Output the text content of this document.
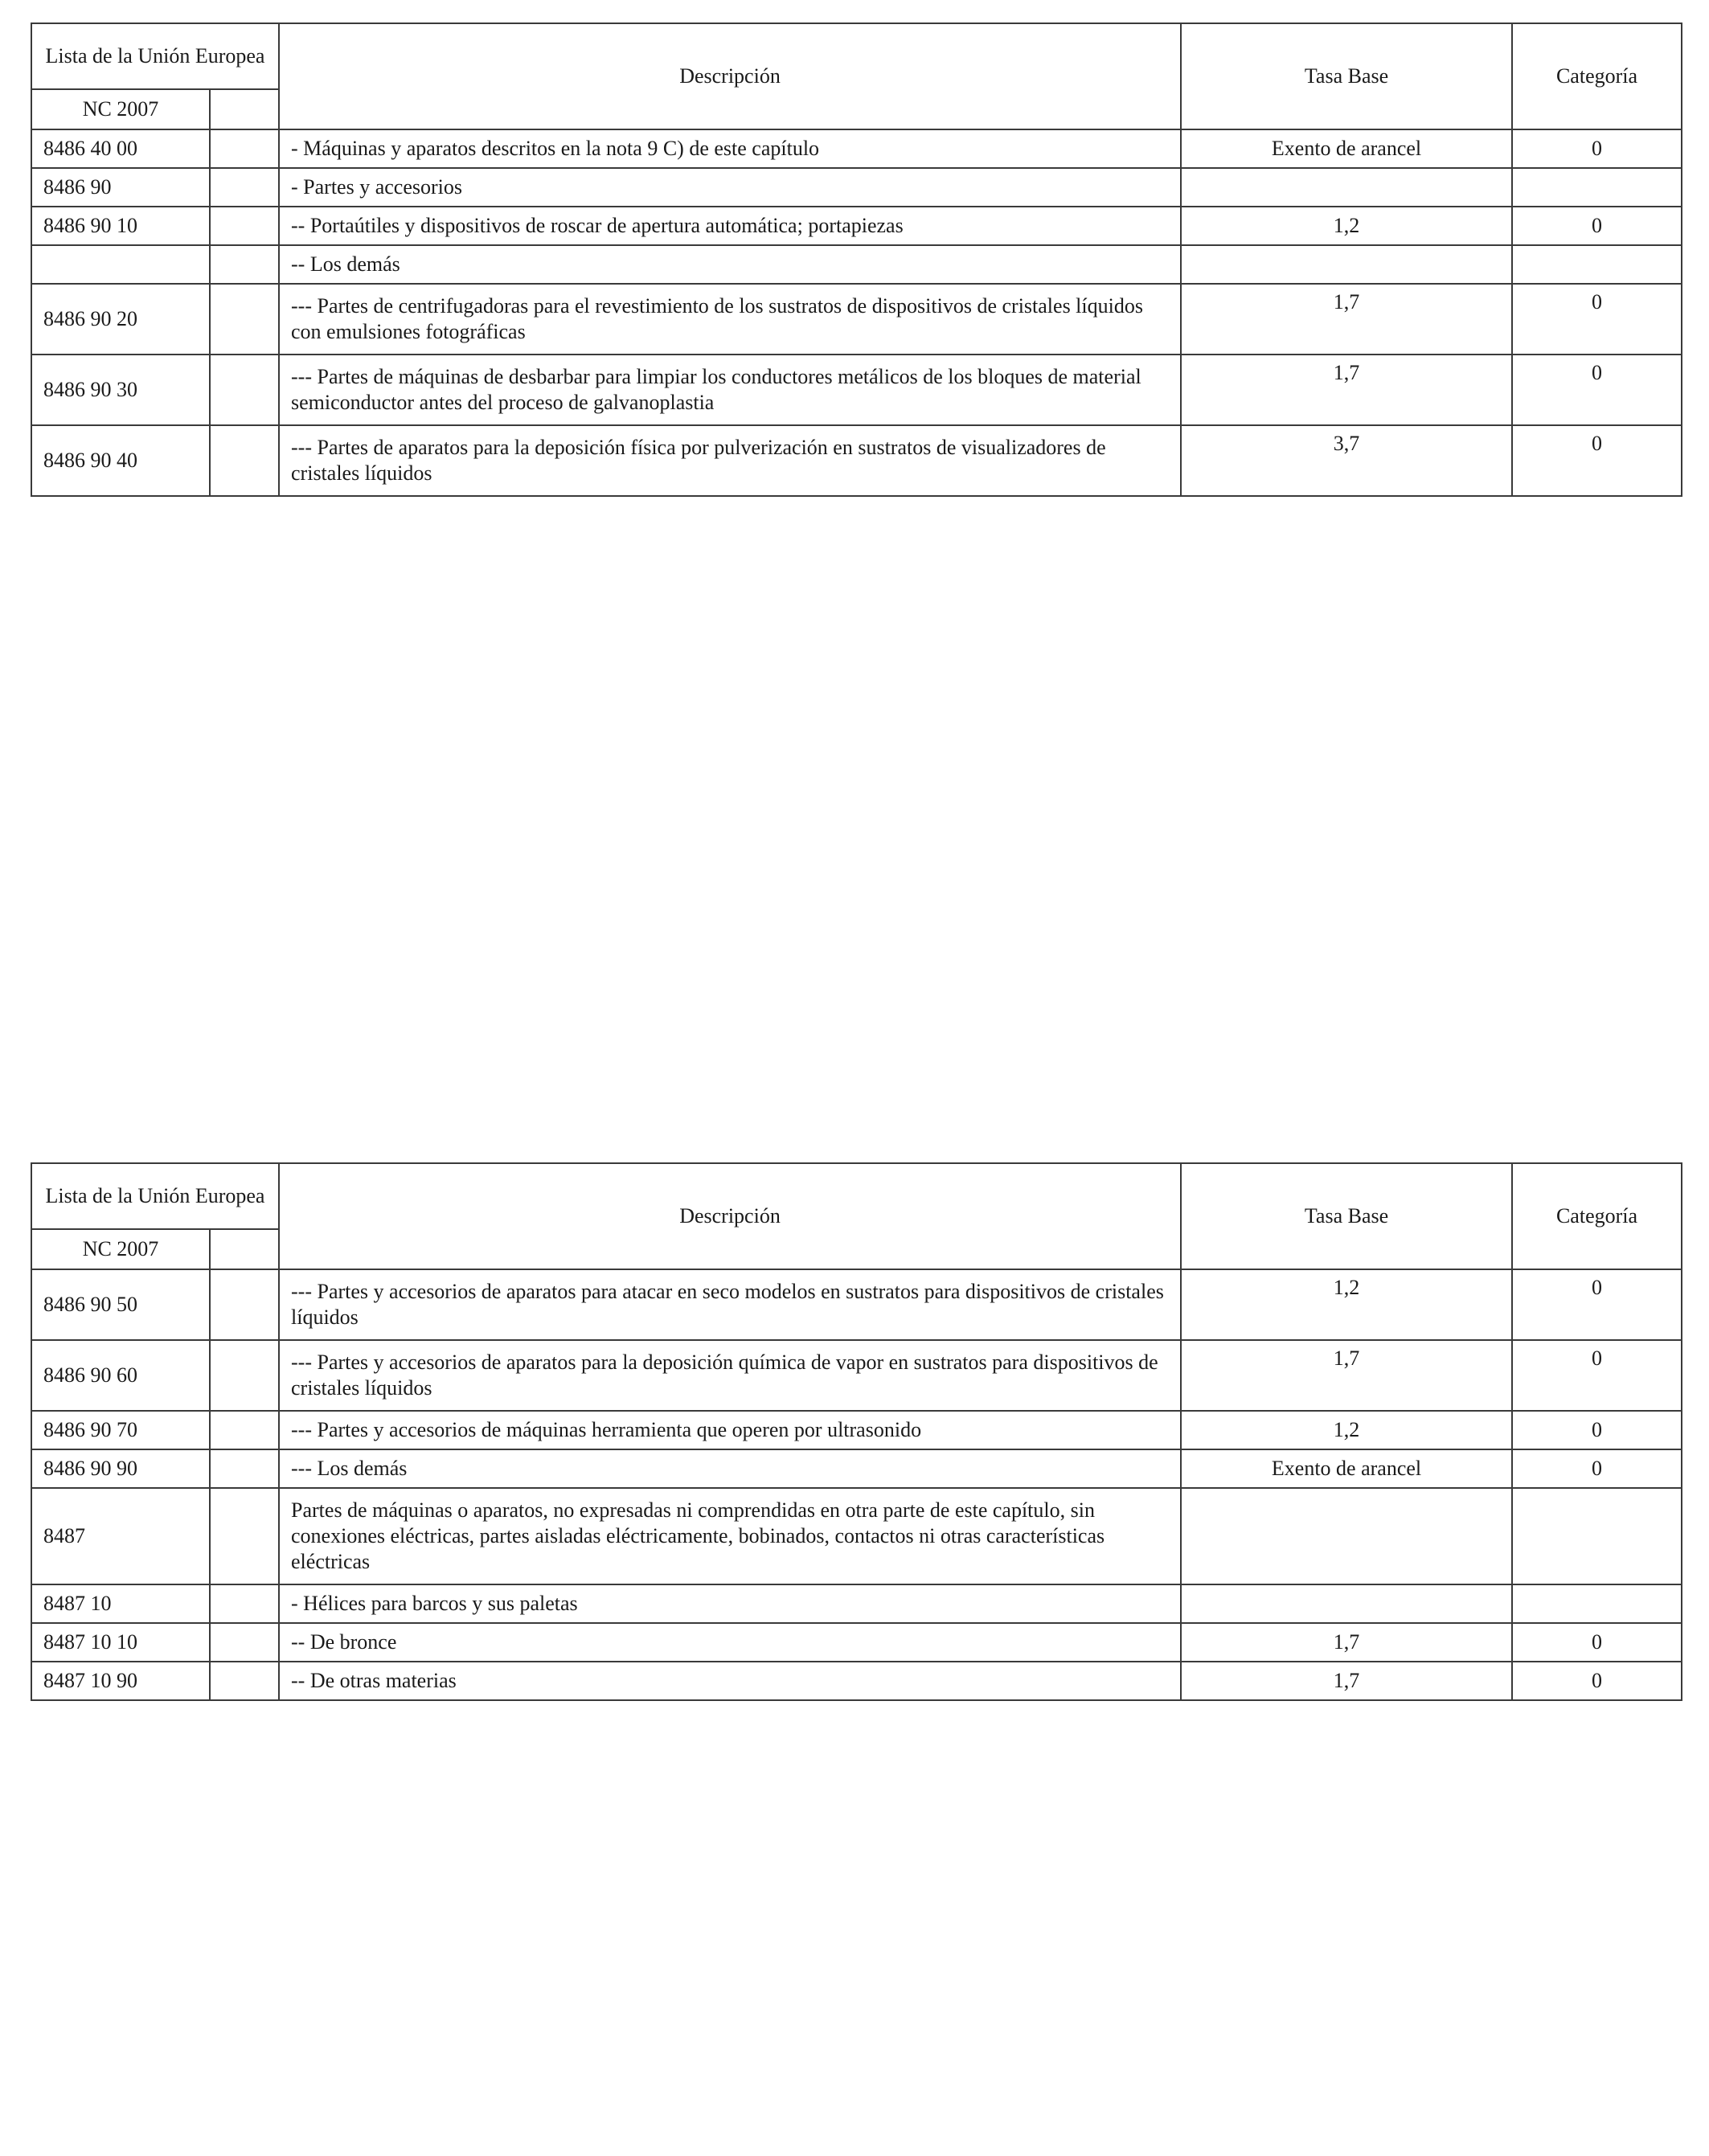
Lista de la Unión Europea		Descripción	Tasa Base	Categoría
NC 2007				
8486 40 00		- Máquinas y aparatos descritos en la nota 9 C) de este capítulo	Exento de arancel	0
8486 90		- Partes y accesorios		
8486 90 10		-- Portaútiles y dispositivos de roscar de apertura automática; portapiezas	1,2	0
		-- Los demás		
8486 90 20		--- Partes de centrifugadoras para el revestimiento de los sustratos de dispositivos de cristales líquidos con emulsiones fotográficas	1,7	0
8486 90 30		--- Partes de máquinas de desbarbar para limpiar los conductores metálicos de los bloques de material semiconductor antes del proceso de galvanoplastia	1,7	0
8486 90 40		--- Partes de aparatos para la deposición física por pulverización en sustratos de visualizadores de cristales líquidos	3,7	0
Lista de la Unión Europea		Descripción	Tasa Base	Categoría
NC 2007				
8486 90 50		--- Partes y accesorios de aparatos para atacar en seco modelos en sustratos para dispositivos de cristales líquidos	1,2	0
8486 90 60		--- Partes y accesorios de aparatos para la deposición química de vapor en sustratos para dispositivos de cristales líquidos	1,7	0
8486 90 70		--- Partes y accesorios de máquinas herramienta que operen por ultrasonido	1,2	0
8486 90 90		--- Los demás	Exento de arancel	0
8487		Partes de máquinas o aparatos, no expresadas ni comprendidas en otra parte de este capítulo, sin conexiones eléctricas, partes aisladas eléctricamente, bobinados, contactos ni otras características eléctricas		
8487 10		- Hélices para barcos y sus paletas		
8487 10 10		-- De bronce	1,7	0
8487 10 90		-- De otras materias	1,7	0
